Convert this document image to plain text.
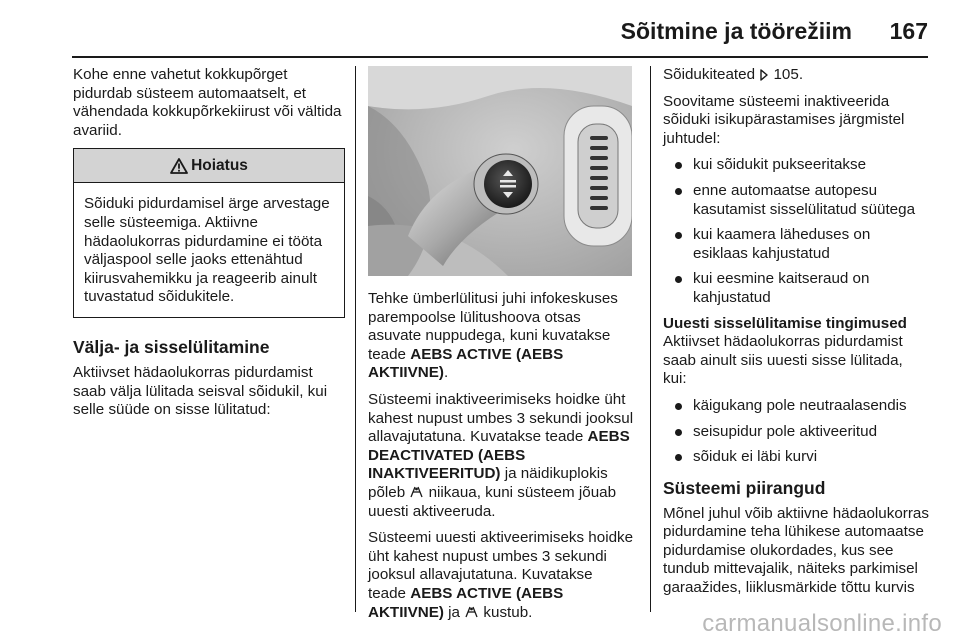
Sõitmine ja töörežiim 167

Kohe enne vahetut kokkupõrget pidurdab süsteem automaatselt, et vähendada kokkupõrkekiirust või vältida avariid.

Hoiatus
Sõiduki pidurdamisel ärge arvestage selle süsteemiga. Aktiivne hädaolukorras pidurdamine ei tööta väljaspool selle jaoks ettenähtud kiirusvahemikku ja reageerib ainult tuvastatud sõidukitele.
Välja- ja sisselülitamine

Aktiivset hädaolukorras pidurdamist saab välja lülitada seisval sõidukil, kui selle süüde on sisse lülitatud:

Tehke ümberlülitusi juhi infokeskuses parempoolse lülitushoova otsas asuvate nuppudega, kuni kuvatakse teade AEBS ACTIVE (AEBS AKTIIVNE).

Süsteemi inaktiveerimiseks hoidke üht kahest nupust umbes 3 sekundi jooksul allavajutatuna. Kuvatakse teade AEBS DEACTIVATED (AEBS INAKTIVEERITUD) ja näidikuplokis põleb  niikaua, kuni süsteem jõuab uuesti aktiveeruda.

Süsteemi uuesti aktiveerimiseks hoidke üht kahest nupust umbes 3 sekundi jooksul allavajutatuna. Kuvatakse teade AEBS ACTIVE (AEBS AKTIIVNE) ja  kustub.

Sõidukiteated  105.

Soovitame süsteemi inaktiveerida sõiduki isikupärastamises järgmistel juhtudel:

kui sõidukit pukseeritakse
enne automaatse autopesu kasutamist sisselülitatud süütega
kui kaamera läheduses on esiklaas kahjustatud
kui eesmine kaitseraud on kahjustatud
Uuesti sisselülitamise tingimused

Aktiivset hädaolukorras pidurdamist saab ainult siis uuesti sisse lülitada, kui:

käigukang pole neutraalasendis
seisupidur pole aktiveeritud
sõiduk ei läbi kurvi
Süsteemi piirangud

Mõnel juhul võib aktiivne hädaolukorras pidurdamine teha lühikese automaatse pidurdamise olukordades, kus see tundub mittevajalik, näiteks parkimisel garaažides, liiklusmärkide tõttu kurvis

carmanualsonline.info
